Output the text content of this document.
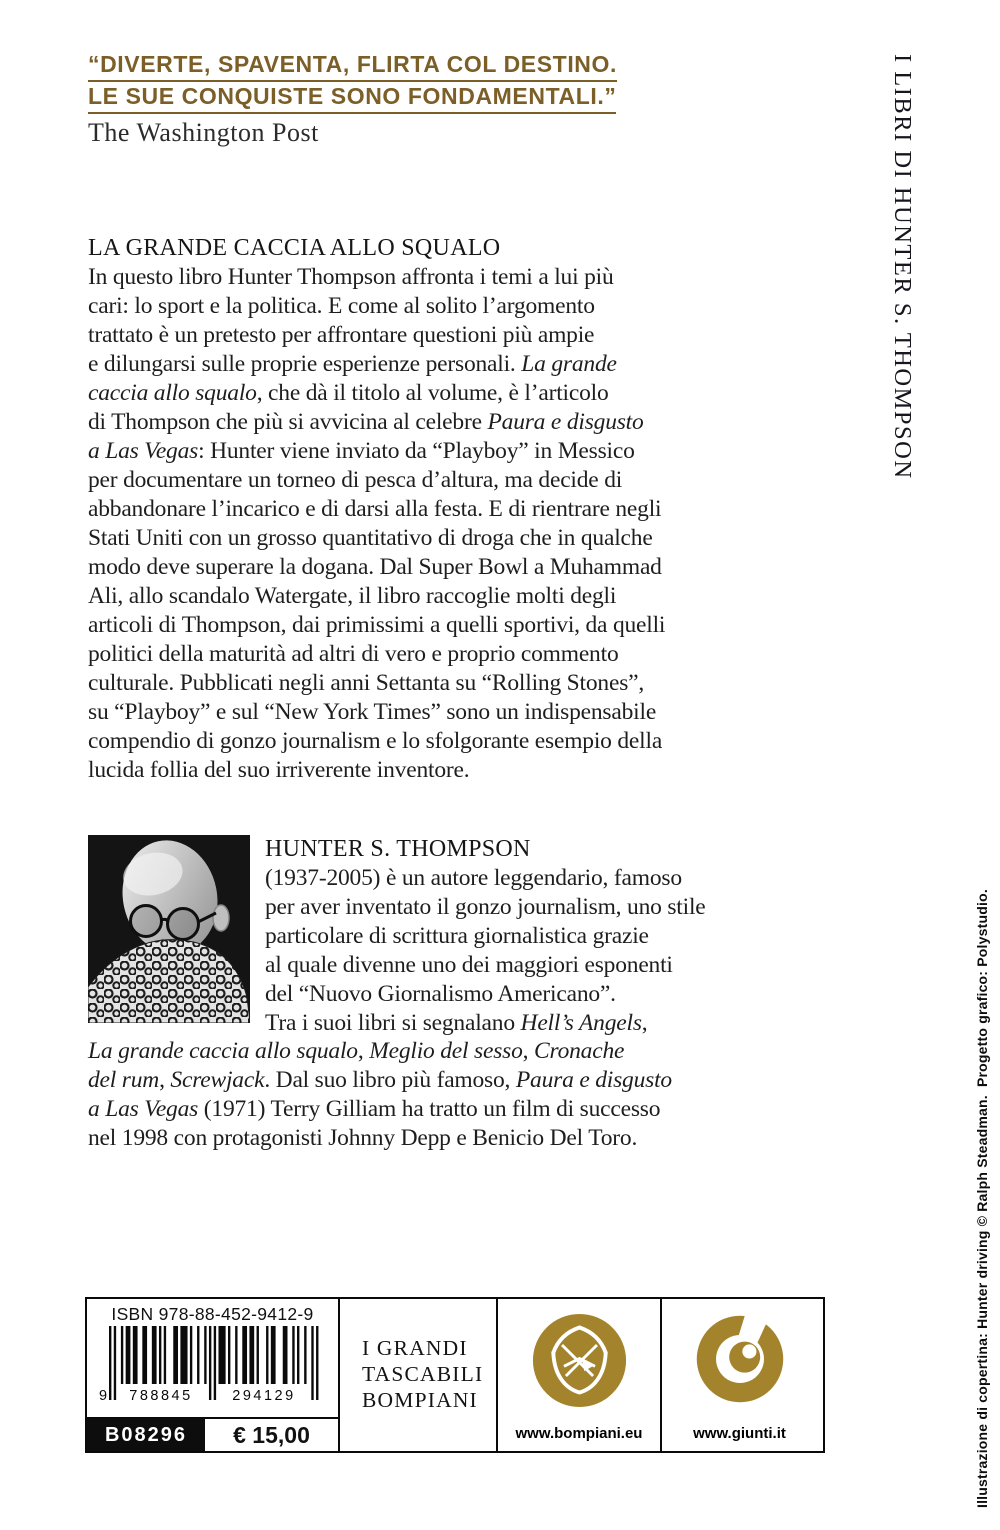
“DIVERTE, SPAVENTA, FLIRTA COL DESTINO.
LE SUE CONQUISTE SONO FONDAMENTALI.”
The Washington Post	I LIBRI DI HUNTER S. THOMPSON
Illustrazione di copertina: Hunter driving © Ralph Steadman.  Progetto grafico: Polystudio.
LA GRANDE CACCIA ALLO SQUALO
In questo libro Hunter Thompson affronta i temi a lui più
cari: lo sport e la politica. E come al solito l’argomento
trattato è un pretesto per affrontare questioni più ampie
e dilungarsi sulle proprie esperienze personali. La grande
caccia allo squalo, che dà il titolo al volume, è l’articolo
di Thompson che più si avvicina al celebre Paura e disgusto
a Las Vegas: Hunter viene inviato da “Playboy” in Messico
per documentare un torneo di pesca d’altura, ma decide di
abbandonare l’incarico e di darsi alla festa. E di rientrare negli
Stati Uniti con un grosso quantitativo di droga che in qualche
modo deve superare la dogana. Dal Super Bowl a Muhammad
Ali, allo scandalo Watergate, il libro raccoglie molti degli
articoli di Thompson, dai primissimi a quelli sportivi, da quelli
politici della maturità ad altri di vero e proprio commento
culturale. Pubblicati negli anni Settanta su “Rolling Stones”,
su “Playboy” e sul “New York Times” sono un indispensabile
compendio di gonzo journalism e lo sfolgorante esempio della
lucida follia del suo irriverente inventore.
HUNTER S. THOMPSON
(1937-2005) è un autore leggendario, famoso
per aver inventato il gonzo journalism, uno stile
particolare di scrittura giornalistica grazie
al quale divenne uno dei maggiori esponenti
del “Nuovo Giornalismo Americano”.
Tra i suoi libri si segnalano Hell’s Angels,
La grande caccia allo squalo, Meglio del sesso, Cronache
del rum, Screwjack. Dal suo libro più famoso, Paura e disgusto
a Las Vegas (1971) Terry Gilliam ha tratto un film di successo
nel 1998 con protagonisti Johnny Depp e Benicio Del Toro.
ISBN 978-88-452-9412-9
9 788845	294129
B08296	€ 15,00
I GRANDI
TASCABILI
BOMPIANI
www.bompiani.eu	www.giunti.it
